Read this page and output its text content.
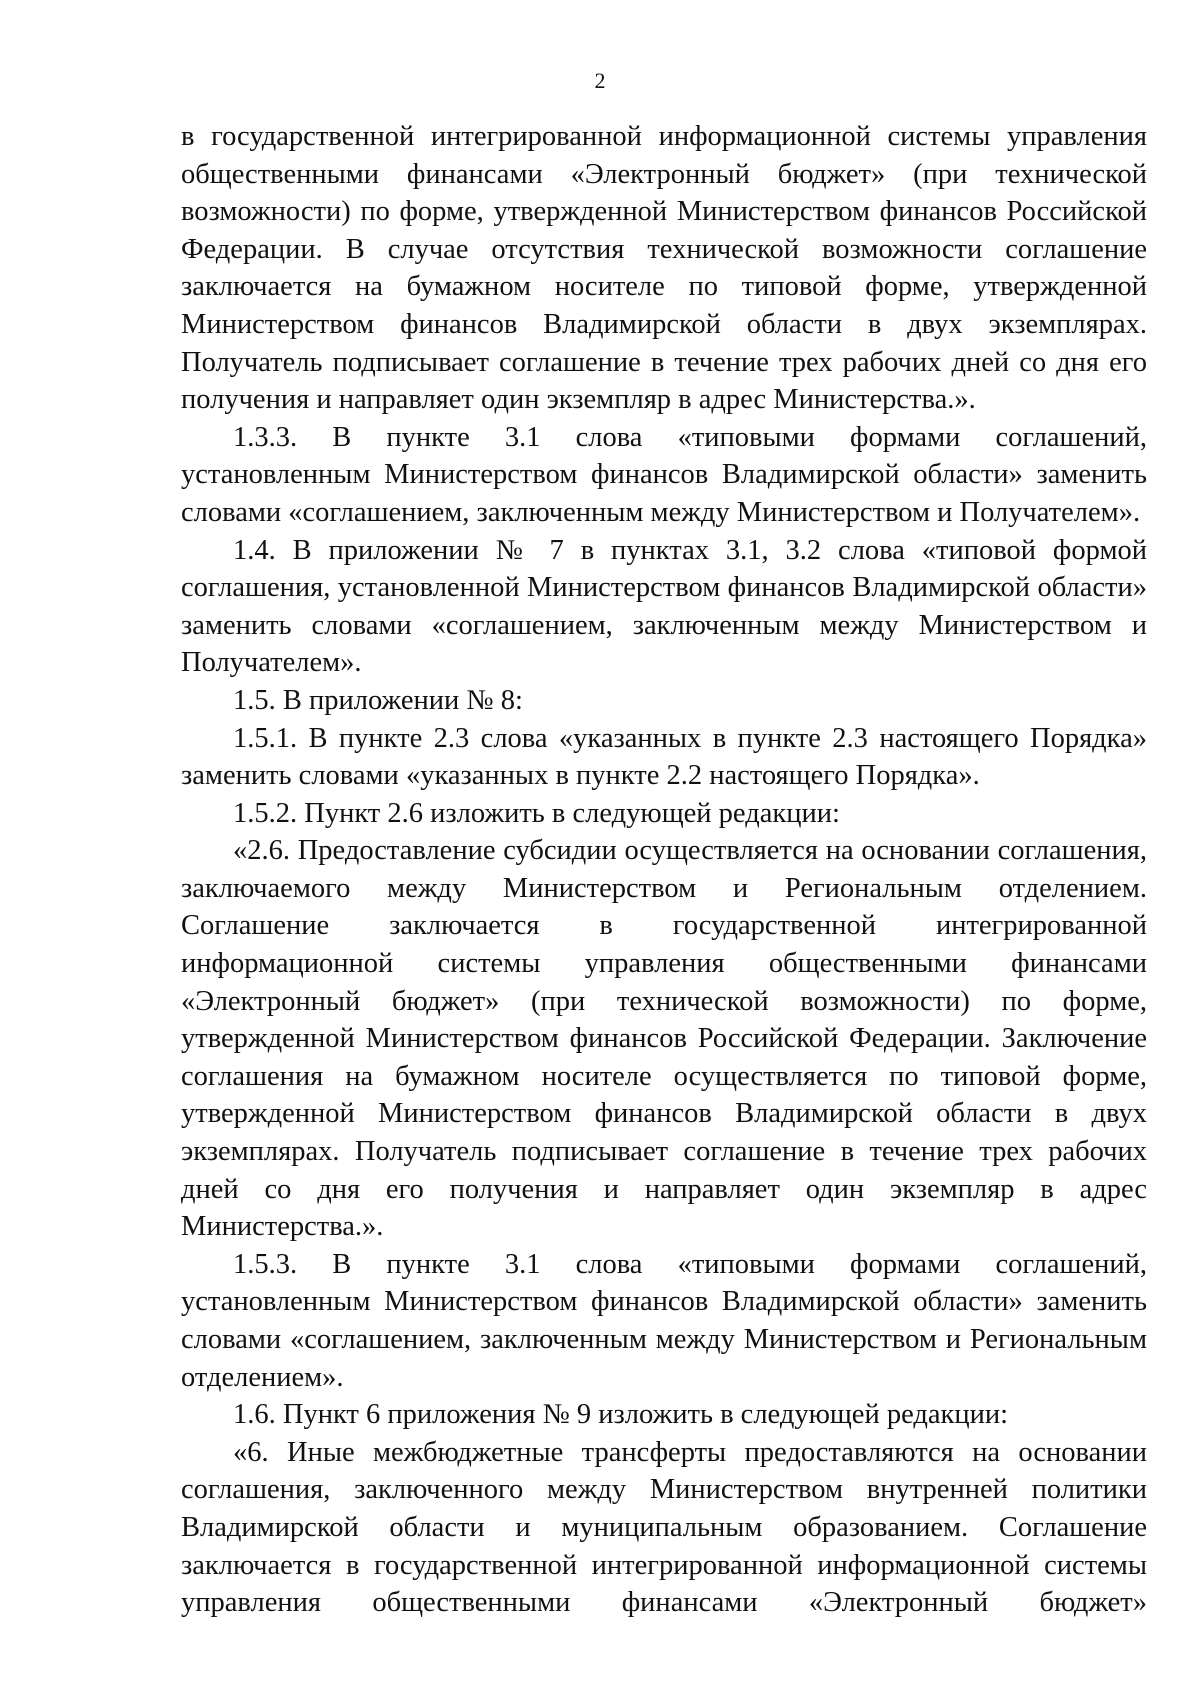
2

в государственной интегрированной информационной системы управления общественными финансами «Электронный бюджет» (при технической возможности) по форме, утвержденной Министерством финансов Российской Федерации. В случае отсутствия технической возможности соглашение заключается на бумажном носителе по типовой форме, утвержденной Министерством финансов Владимирской области в двух экземплярах. Получатель подписывает соглашение в течение трех рабочих дней со дня его получения и направляет один экземпляр в адрес Министерства.».

1.3.3. В пункте 3.1 слова «типовыми формами соглашений, установленным Министерством финансов Владимирской области» заменить словами «соглашением, заключенным между Министерством и Получателем».

1.4. В приложении № 7 в пунктах 3.1, 3.2 слова «типовой формой соглашения, установленной Министерством финансов Владимирской области» заменить словами «соглашением, заключенным между Министерством и Получателем».

1.5. В приложении № 8:

1.5.1. В пункте 2.3 слова «указанных в пункте 2.3 настоящего Порядка» заменить словами «указанных в пункте 2.2 настоящего Порядка».

1.5.2. Пункт 2.6 изложить в следующей редакции:

«2.6. Предоставление субсидии осуществляется на основании соглашения, заключаемого между Министерством и Региональным отделением. Соглашение заключается в государственной интегрированной информационной системы управления общественными финансами «Электронный бюджет» (при технической возможности) по форме, утвержденной Министерством финансов Российской Федерации. Заключение соглашения на бумажном носителе осуществляется по типовой форме, утвержденной Министерством финансов Владимирской области в двух экземплярах. Получатель подписывает соглашение в течение трех рабочих дней со дня его получения и направляет один экземпляр в адрес Министерства.».

1.5.3. В пункте 3.1 слова «типовыми формами соглашений, установленным Министерством финансов Владимирской области» заменить словами «соглашением, заключенным между Министерством и Региональным отделением».

1.6. Пункт 6 приложения № 9 изложить в следующей редакции:

«6. Иные межбюджетные трансферты предоставляются на основании соглашения, заключенного между Министерством внутренней политики Владимирской области и муниципальным образованием. Соглашение заключается в государственной интегрированной информационной системы управления общественными финансами «Электронный бюджет»
